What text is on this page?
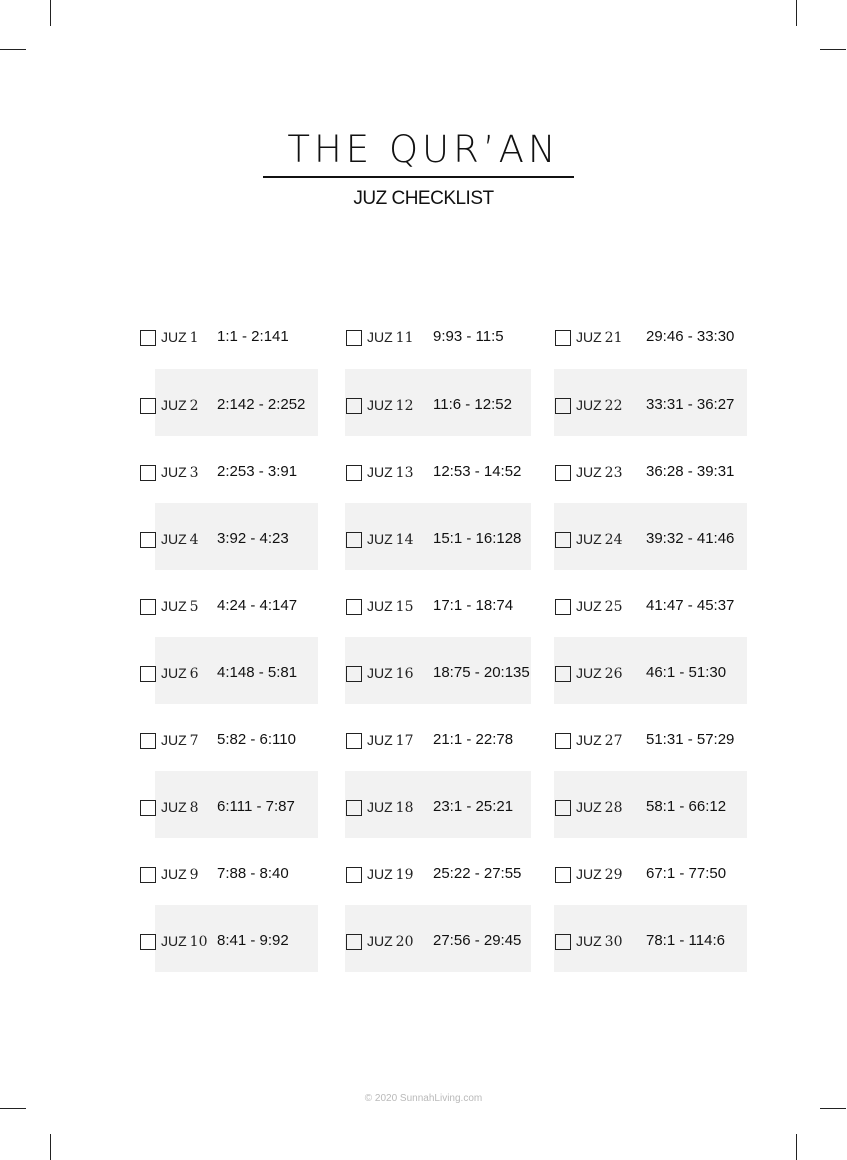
THE QUR’AN
JUZ CHECKLIST
JUZ 1 1:1 - 2:141
JUZ 2 2:142 - 2:252
JUZ 3 2:253 - 3:91
JUZ 4 3:92 - 4:23
JUZ 5 4:24 - 4:147
JUZ 6 4:148 - 5:81
JUZ 7 5:82 - 6:110
JUZ 8 6:111 - 7:87
JUZ 9 7:88 - 8:40
JUZ 10 8:41 - 9:92
JUZ 11 9:93 - 11:5
JUZ 12 11:6 - 12:52
JUZ 13 12:53 - 14:52
JUZ 14 15:1 - 16:128
JUZ 15 17:1 - 18:74
JUZ 16 18:75 - 20:135
JUZ 17 21:1 - 22:78
JUZ 18 23:1 - 25:21
JUZ 19 25:22 - 27:55
JUZ 20 27:56 - 29:45
JUZ 21 29:46 - 33:30
JUZ 22 33:31 - 36:27
JUZ 23 36:28 - 39:31
JUZ 24 39:32 - 41:46
JUZ 25 41:47 - 45:37
JUZ 26 46:1 - 51:30
JUZ 27 51:31 - 57:29
JUZ 28 58:1 - 66:12
JUZ 29 67:1 - 77:50
JUZ 30 78:1 - 114:6
© 2020 SunnahLiving.com
